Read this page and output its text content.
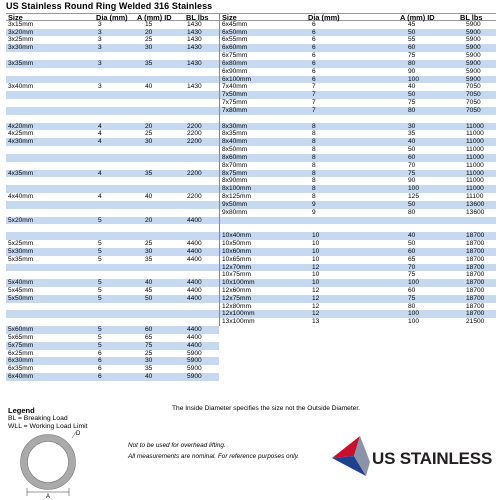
US Stainless Round Ring Welded 316 Stainless
Size	Dia (mm) A (mm) ID BL lbs
3x15mm	3	15	1430
3x20mm	3	20	1430
3x25mm	3	25	1430
3x30mm	3	30	1430
3x35mm	3	35	1430
3x40mm	3	40	1430
4x20mm	4	20	2200
4x25mm	4	25	2200
4x30mm	4	30	2200
4x35mm	4	35	2200
4x40mm	4	40	2200
5x20mm	5	20	4400
5x25mm	5	25	4400
5x30mm	5	30	4400
5x35mm	5	35	4400
5x40mm	5	40	4400
5x45mm	5	45	4400
5x50mm	5	50	4400
5x60mm	5	60	4400
5x65mm	5	65	4400
5x75mm	5	75	4400
6x25mm	6	25	5900
6x30mm	6	30	5900
6x35mm	6	35	5900
6x40mm	6	40	5900
Size	Dia (mm)	A (mm) ID	BL lbs
6x45mm	6	45	5900
6x50mm	6	50	5900
6x55mm	6	55	5900
6x60mm	6	60	5900
6x75mm	6	75	5900
6x80mm	6	80	5900
6x90mm	6	90	5900
6x100mm	6	100	5900
7x40mm	7	40	7050
7x50mm	7	50	7050
7x75mm	7	75	7050
7x80mm	7	80	7050
8x30mm	8	30	11000
8x35mm	8	35	11000
8x40mm	8	40	11000
8x50mm	8	50	11000
8x60mm	8	60	11000
8x70mm	8	70	11000
8x75mm	8	75	11000
8x90mm	8	90	11000
8x100mm	8	100	11000
8x125mm	8	125	11100
9x50mm	9	50	13600
9x80mm	9	80	13600
10x40mm	10	40	18700
10x50mm	10	50	18700
10x60mm	10	60	18700
10x65mm	10	65	18700
12x70mm	12	70	18700
10x75mm	10	75	18700
10x100mm	10	100	18700
12x60mm	12	60	18700
12x75mm	12	75	18700
12x80mm	12	80	18700
12x100mm	12	100	18700
13x100mm	13	100	21500
Legend
BL = Breaking Load
WLL = Working Load Limit
The Inside Diameter specifies the size not the Outside Diameter.
D
A
Not to be used for overhead lifting.
All measurements are nominal. For reference purposes only.	US STAINLESS
